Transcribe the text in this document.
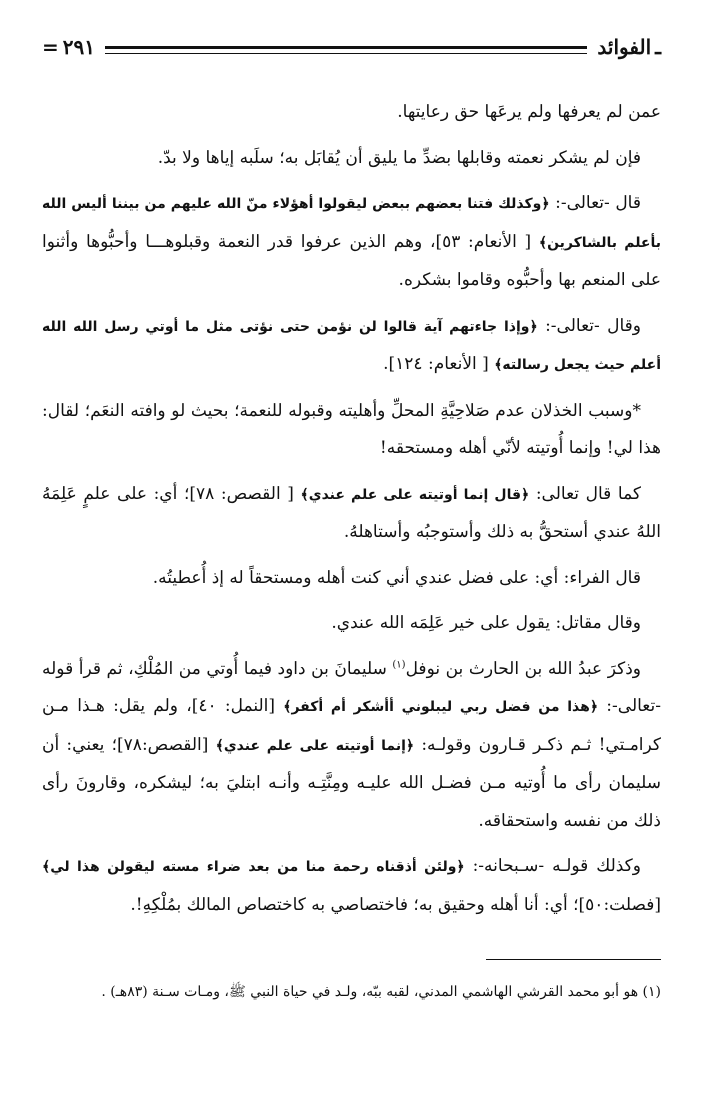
ـ
الفوائد
٢٩١
=

عمن لم يعرفها ولم يرعَها حق رعايتها.

فإن لم يشكر نعمته وقابلها بضدِّ ما يليق أن يُقابَل به؛ سلَبه إياها ولا بدّ.

قال -تعالى-: ﴿وكذلك فتنا بعضهم ببعض ليقولوا أهؤلاء منّ الله عليهم من بيننا أليس الله بأعلم بالشاكرين﴾ [ الأنعام: ٥٣]، وهم الذين عرفوا قدر النعمة وقبلوهـــا وأحبُّوها وأثنوا على المنعم بها وأحبُّوه وقاموا بشكره.

وقال -تعالى-: ﴿وإذا جاءتهم آية قالوا لن نؤمن حتى نؤتى مثل ما أوتي رسل الله الله أعلم حيث يجعل رسالته﴾ [ الأنعام: ١٢٤].

*وسبب الخذلان عدم صَلاحِيَّةِ المحلِّ وأهليته وقبوله للنعمة؛ بحيث لو وافته النعَم؛ لقال: هذا لي! وإنما أُوتيته لأنّي أهله ومستحقه!

كما قال تعالى: ﴿قال إنما أوتيته على علم عندي﴾ [ القصص: ٧٨]؛ أي: على علمٍ عَلِمَهُ اللهُ عندي أستحقُّ به ذلك وأستوجبُه وأستاهلهُ.

قال الفراء: أي: على فضل عندي أني كنت أهله ومستحقاً له إذ أُعطيتُه.

وقال مقاتل: يقول على خير عَلِمَه الله عندي.

وذكرَ عبدُ الله بن الحارث بن نوفل$^{(١)}$ سليمانَ بن داود فيما أُوتي من المُلْكِ، ثم قرأ قوله -تعالى-: ﴿هذا من فضل ربي ليبلوني أأشكر أم أكفر﴾ [النمل: ٤٠]، ولم يقل: هـذا مـن كرامـتي! ثـم ذكـر قـارون وقولـه: ﴿إنما أوتيته على علم عندي﴾ [القصص:٧٨]؛ يعني: أن سليمان رأى ما أُوتيه مـن فضـل الله عليـه ومِنَّتِـه وأنـه ابتليَ به؛ ليشكره، وقارونَ رأى ذلك من نفسه واستحقاقه.

وكذلك قولـه -سـبحانه-: ﴿ولئن أذقناه رحمة منا من بعد ضراء مسته ليقولن هذا لي﴾ [فصلت:٥٠]؛ أي: أنا أهله وحقيق به؛ فاختصاصي به كاختصاص المالك بمُلْكِهِ!.

(١) هو أبو محمد القرشي الهاشمي المدني، لقبه ببّه، ولـد في حياة النبي ﷺ، ومـات سـنة (٨٣هـ) .
